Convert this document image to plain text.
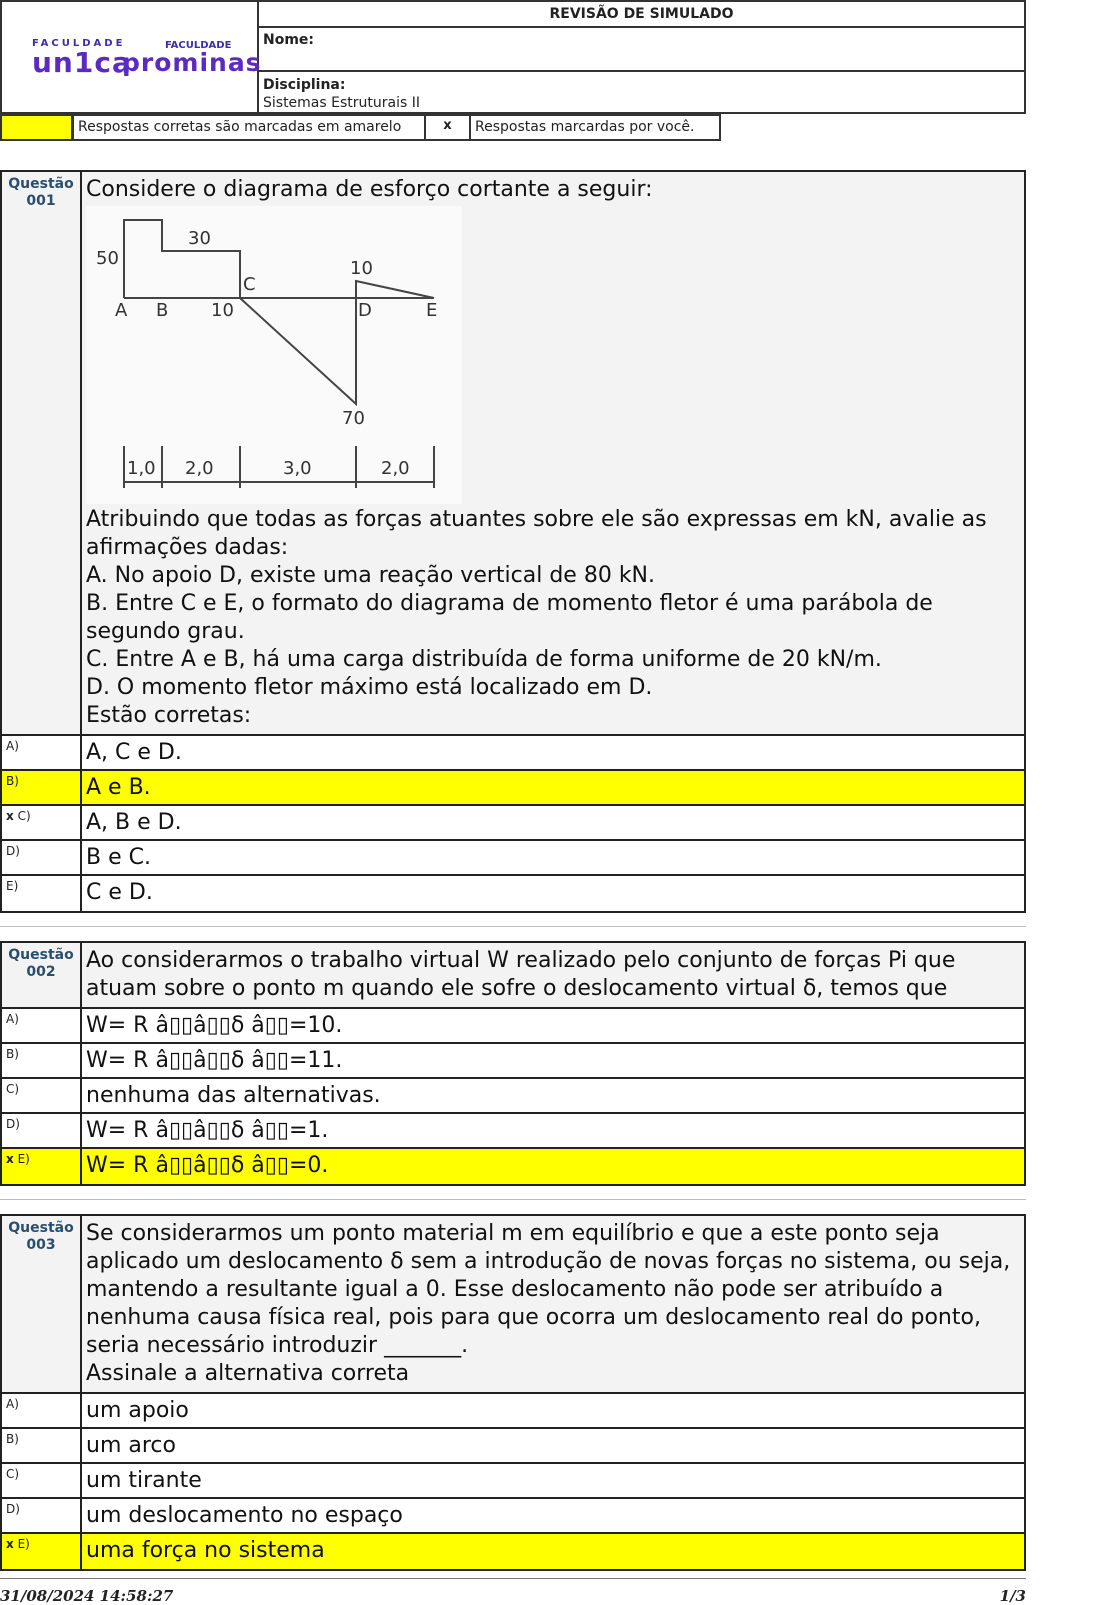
FACULDADE	FACULDADE
un1ca
prominas
REVISÃO DE SIMULADO
Nome:
Disciplina:
Sistemas Estruturais II
Respostas corretas são marcadas em amarelo	x	Respostas marcardas por você.
Questão
001	Considere o diagrama de esforço cortante a seguir:
50
30
10
10
70
A B
C
D	E
1,0 2,0	3,0	2,0
Atribuindo que todas as forças atuantes sobre ele são expressas em kN, avalie as afirmações dadas:
A. No apoio D, existe uma reação vertical de 80 kN.
B. Entre C e E, o formato do diagrama de momento fletor é uma parábola de segundo grau.
C. Entre A e B, há uma carga distribuída de forma uniforme de 20 kN/m.
D. O momento fletor máximo está localizado em D.
Estão corretas:
A)	A, C e D.
B)	A e B.
x C)	A, B e D.
D)	B e C.
E)	C e D.
Questão
002	Ao considerarmos o trabalho virtual W realizado pelo conjunto de forças Pi que atuam sobre o ponto m quando ele sofre o deslocamento virtual δ, temos que
A)	W= R â▯▯â▯▯δ â▯▯=10.
B)	W= R â▯▯â▯▯δ â▯▯=11.
C)	nenhuma das alternativas.
D)	W= R â▯▯â▯▯δ â▯▯=1.
x E)	W= R â▯▯â▯▯δ â▯▯=0.
Questão
003	Se considerarmos um ponto material m em equilíbrio e que a este ponto seja aplicado um deslocamento δ sem a introdução de novas forças no sistema, ou seja, mantendo a resultante igual a 0. Esse deslocamento não pode ser atribuído a nenhuma causa física real, pois para que ocorra um deslocamento real do ponto, seria necessário introduzir _______.
Assinale a alternativa correta
A)	um apoio
B)	um arco
C)	um tirante
D)	um deslocamento no espaço
x E)	uma força no sistema
31/08/2024 14:58:27	1/3
